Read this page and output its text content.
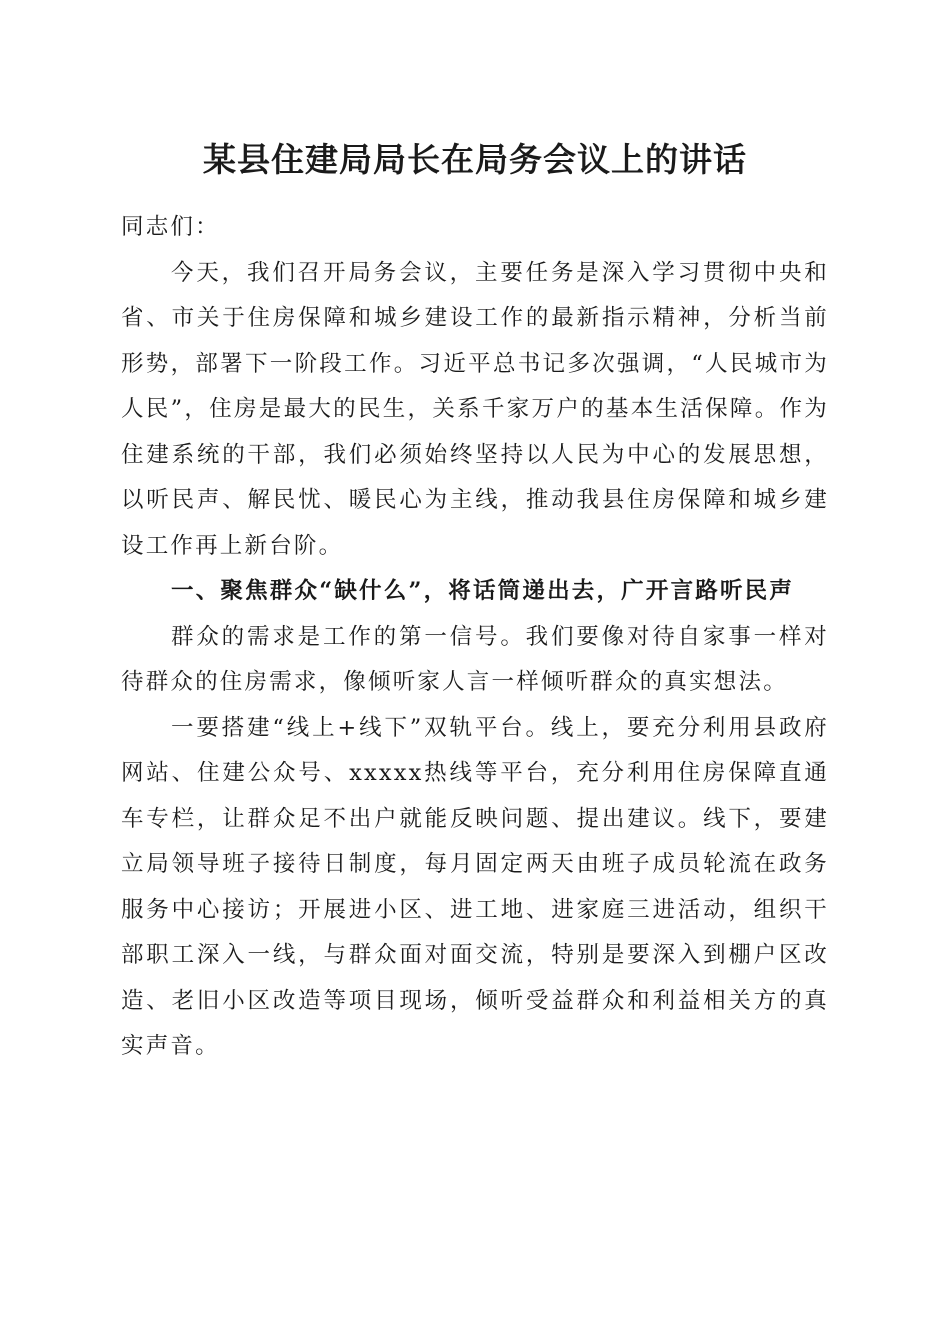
某县住建局局长在局务会议上的讲话

同志们：

今天，我们召开局务会议，主要任务是深入学习贯彻中央和省、市关于住房保障和城乡建设工作的最新指示精神，分析当前形势，部署下一阶段工作。习近平总书记多次强调，“人民城市为人民”，住房是最大的民生，关系千家万户的基本生活保障。作为住建系统的干部，我们必须始终坚持以人民为中心的发展思想，以听民声、解民忧、暖民心为主线，推动我县住房保障和城乡建设工作再上新台阶。

一、聚焦群众“缺什么”，将话筒递出去，广开言路听民声

群众的需求是工作的第一信号。我们要像对待自家事一样对待群众的住房需求，像倾听家人言一样倾听群众的真实想法。

一要搭建“线上+线下”双轨平台。线上，要充分利用县政府网站、住建公众号、xxxxx热线等平台，充分利用住房保障直通车专栏，让群众足不出户就能反映问题、提出建议。线下，要建立局领导班子接待日制度，每月固定两天由班子成员轮流在政务服务中心接访；开展进小区、进工地、进家庭三进活动，组织干部职工深入一线，与群众面对面交流，特别是要深入到棚户区改造、老旧小区改造等项目现场，倾听受益群众和利益相关方的真实声音。
